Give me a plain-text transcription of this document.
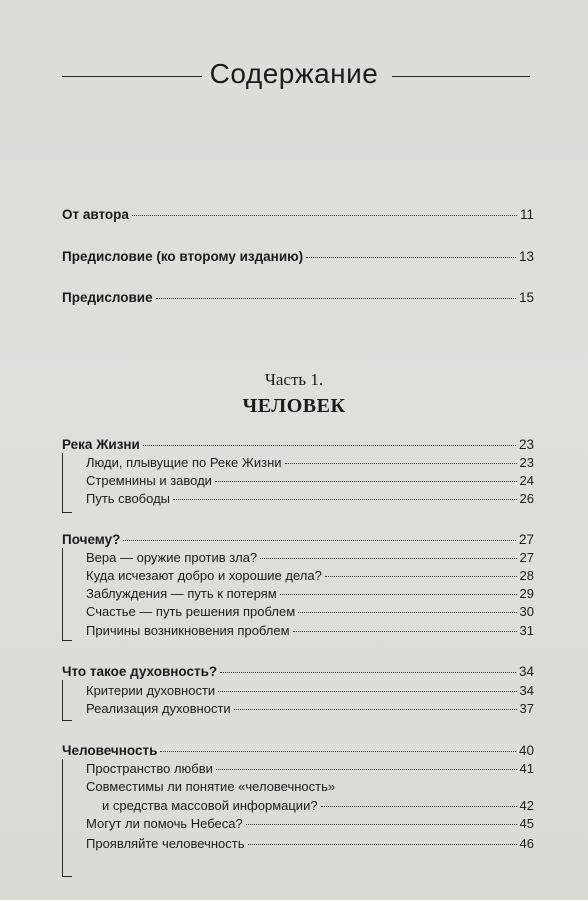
Содержание
От автора	11
Предисловие (ко второму изданию)	13
Предисловие	15
Часть 1.
ЧЕЛОВЕК
Река Жизни	23
Люди, плывущие по Реке Жизни	23
Стремнины и заводи	24
Путь свободы	26
Почему?	27
Вера — оружие против зла?	27
Куда исчезают добро и хорошие дела?	28
Заблуждения — путь к потерям	29
Счастье — путь решения проблем	30
Причины возникновения проблем	31
Что такое духовность?	34
Критерии духовности	34
Реализация духовности	37
Человечность	40
Пространство любви	41
Совместимы ли понятие «человечность»
и средства массовой информации?	42
Могут ли помочь Небеса?	45
Проявляйте человечность	46
